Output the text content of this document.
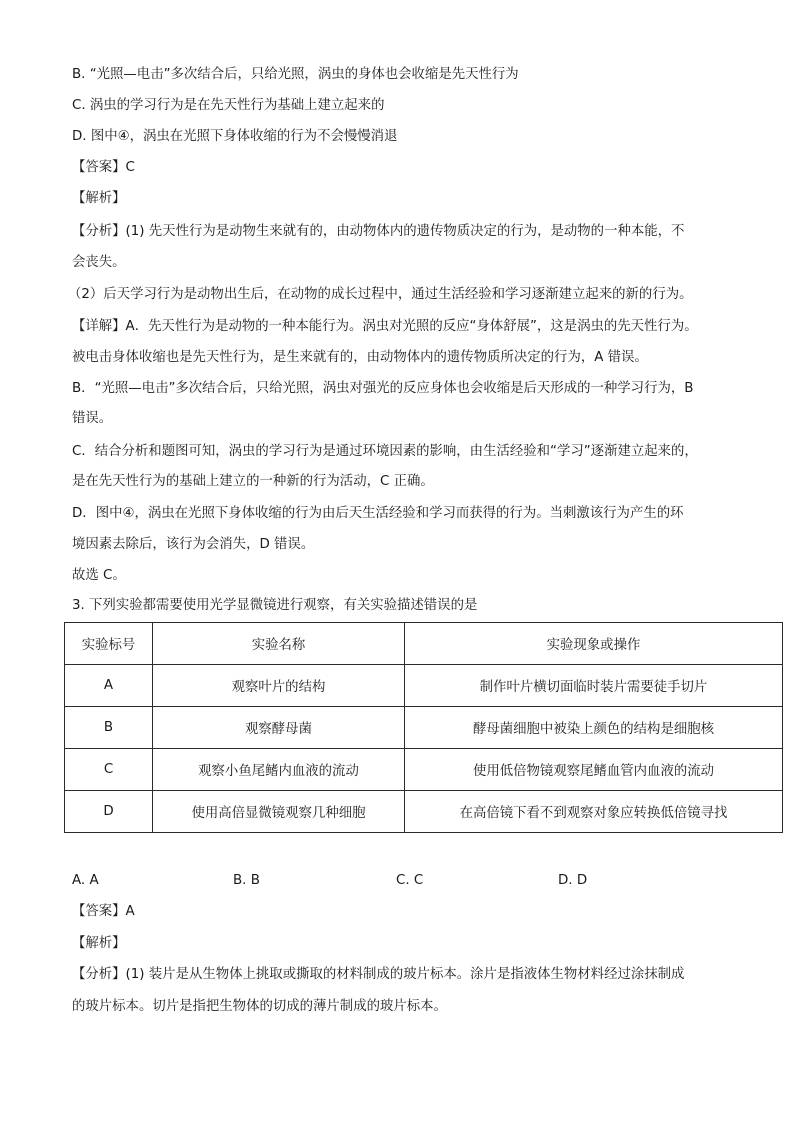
B. “光照—电击”多次结合后，只给光照，涡虫的身体也会收缩是先天性行为
C. 涡虫的学习行为是在先天性行为基础上建立起来的
D. 图中④，涡虫在光照下身体收缩的行为不会慢慢消退
【答案】C
【解析】
【分析】(1) 先天性行为是动物生来就有的，由动物体内的遗传物质决定的行为，是动物的一种本能，不
会丧失。
（2）后天学习行为是动物出生后，在动物的成长过程中，通过生活经验和学习逐渐建立起来的新的行为。
【详解】A．先天性行为是动物的一种本能行为。涡虫对光照的反应“身体舒展”，这是涡虫的先天性行为。
被电击身体收缩也是先天性行为，是生来就有的，由动物体内的遗传物质所决定的行为，A 错误。
B．“光照—电击”多次结合后，只给光照，涡虫对强光的反应身体也会收缩是后天形成的一种学习行为，B
错误。
C．结合分析和题图可知，涡虫的学习行为是通过环境因素的影响，由生活经验和“学习”逐渐建立起来的，
是在先天性行为的基础上建立的一种新的行为活动，C 正确。
D．图中④，涡虫在光照下身体收缩的行为由后天生活经验和学习而获得的行为。当刺激该行为产生的环
境因素去除后，该行为会消失，D 错误。
故选 C。
3. 下列实验都需要使用光学显微镜进行观察，有关实验描述错误的是
实验标号	实验名称	实验现象或操作
A	观察叶片的结构	制作叶片横切面临时装片需要徒手切片
B	观察酵母菌	酵母菌细胞中被染上颜色的结构是细胞核
C	观察小鱼尾鳍内血液的流动	使用低倍物镜观察尾鳍血管内血液的流动
D	使用高倍显微镜观察几种细胞	在高倍镜下看不到观察对象应转换低倍镜寻找
A. A	B. B	C. C	D. D
【答案】A
【解析】
【分析】(1) 装片是从生物体上挑取或撕取的材料制成的玻片标本。涂片是指液体生物材料经过涂抹制成
的玻片标本。切片是指把生物体的切成的薄片制成的玻片标本。
